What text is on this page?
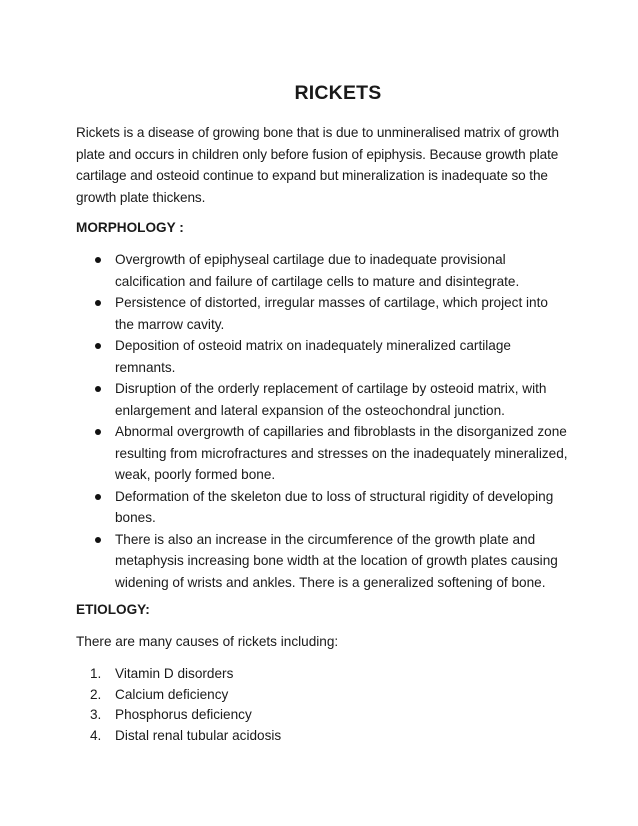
RICKETS

Rickets is a disease of growing bone that is due to unmineralised matrix of growth plate and occurs in children only before fusion of epiphysis. Because growth plate cartilage and osteoid continue to expand but mineralization is inadequate so the growth plate thickens.

MORPHOLOGY :
Overgrowth of epiphyseal cartilage due to inadequate provisional calcification and failure of cartilage cells to mature and disintegrate.
Persistence of distorted, irregular masses of cartilage, which project into the marrow cavity.
Deposition of osteoid matrix on inadequately mineralized cartilage remnants.
Disruption of the orderly replacement of cartilage by osteoid matrix, with enlargement and lateral expansion of the osteochondral junction.
Abnormal overgrowth of capillaries and fibroblasts in the disorganized zone resulting from microfractures and stresses on the inadequately mineralized, weak, poorly formed bone.
Deformation of the skeleton due to loss of structural rigidity of developing bones.
There is also an increase in the circumference of the growth plate and metaphysis increasing bone width at the location of growth plates causing widening of wrists and ankles. There is a generalized softening of bone.
ETIOLOGY:

There are many causes of rickets including:

1. Vitamin D disorders
2. Calcium deficiency
3. Phosphorus deficiency
4. Distal renal tubular acidosis
